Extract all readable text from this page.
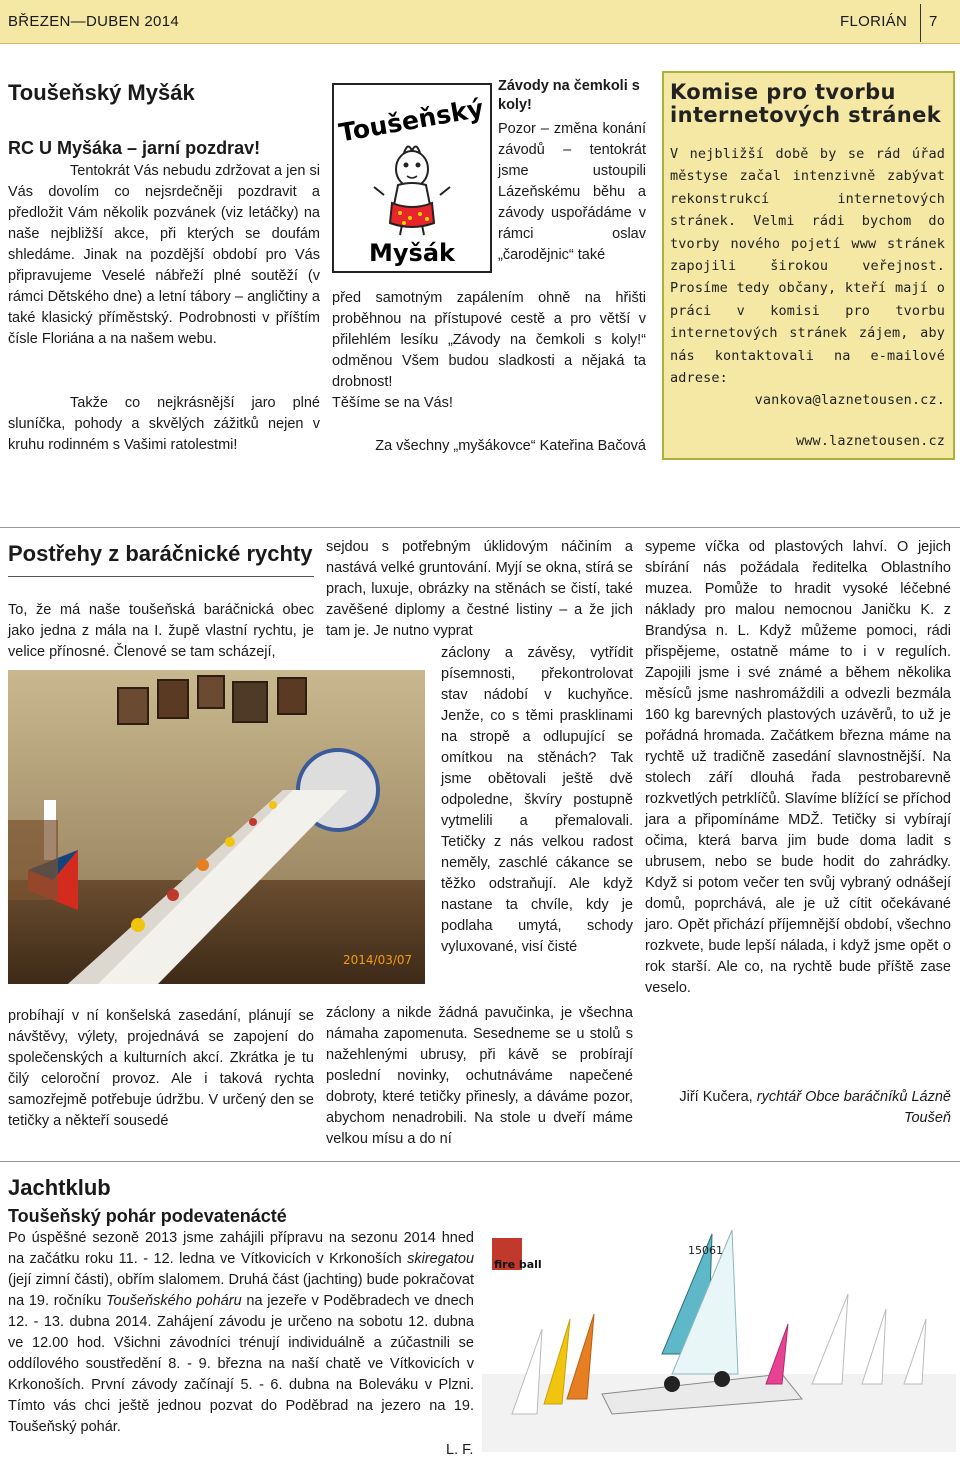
BŘEZEN—DUBEN 2014	FLORIÁN 7
Toušeňský Myšák
RC U Myšáka – jarní pozdrav!
Tentokrát Vás nebudu zdržovat a jen si Vás dovolím co nejsrdečněji pozdravit a předložit Vám několik pozvánek (viz letáčky) na naše nejbližší akce, při kterých se doufám shledáme. Jinak na pozdější období pro Vás připravujeme Veselé nábřeží plné soutěží (v rámci Dětského dne) a letní tábory – angličtiny a také klasický příměstský. Podrobnosti v příštím čísle Floriána a na našem webu.
Takže co nejkrásnější jaro plné sluníčka, pohody a skvělých zážitků nejen v kruhu rodinném s Vašimi ratolestmi!
Toušeňský
Myšák
Závody na čemkoli s koly!
Pozor – změna konání závodů – tentokrát jsme ustoupili Lázeňskému běhu a závody uspořádáme v rámci oslav „čarodějnic“ také
před samotným zapálením ohně na hřišti proběhnou na přístupové cestě a pro větší v přilehlém lesíku „Závody na čemkoli s koly!“ odměnou Všem budou sladkosti a nějaká ta drobnost!
Těšíme se na Vás!
Za všechny „myšákovce“ Kateřina Bačová
Komise pro tvorbu internetových stránek
V nejbližší době by se rád úřad městyse začal intenzivně zabývat rekonstrukcí internetových stránek. Velmi rádi bychom do tvorby nového pojetí www stránek zapojili širokou veřejnost. Prosíme tedy občany, kteří mají o práci v komisi pro tvorbu internetových stránek zájem, aby nás kontaktovali na e-mailové adrese:
vankova@laznetousen.cz.
www.laznetousen.cz
Postřehy z baráčnické rychty
To, že má naše toušeňská baráčnická obec jako jedna z mála na I. župě vlastní rychtu, je velice přínosné. Členové se tam scházejí,
2014/03/07
probíhají v ní konšelská zasedání, plánují se návštěvy, výlety, projednává se zapojení do společenských a kulturních akcí. Zkrátka je tu čilý celoroční provoz. Ale i taková rychta samozřejmě potřebuje údržbu. V určený den se tetičky a někteří sousedé
sejdou s potřebným úklidovým náčiním a nastává velké gruntování. Myjí se okna, stírá se prach, luxuje, obrázky na stěnách se čistí, také zavěšené diplomy a čestné listiny – a že jich tam je. Je nutno vyprat
záclony a závěsy, vytřídit písemnosti, překontrolovat stav nádobí v kuchyňce. Jenže, co s těmi prasklinami na stropě a odlupující se omítkou na stěnách? Tak jsme obětovali ještě dvě odpoledne, škvíry postupně vytmelili a přemalovali. Tetičky z nás velkou radost neměly, zaschlé cákance se těžko odstraňují. Ale když nastane ta chvíle, kdy je podlaha umytá, schody vyluxované, visí čisté
záclony a nikde žádná pavučinka, je všechna námaha zapomenuta. Sesedneme se u stolů s nažehlenými ubrusy, při kávě se probírají poslední novinky, ochutnáváme napečené dobroty, které tetičky přinesly, a dáváme pozor, abychom nenadrobili. Na stole u dveří máme velkou mísu a do ní
sypeme víčka od plastových lahví. O jejich sbírání nás požádala ředitelka Oblastního muzea. Pomůže to hradit vysoké léčebné náklady pro malou nemocnou Janičku K. z Brandýsa n. L. Když můžeme pomoci, rádi přispějeme, ostatně máme to i v regulích. Zapojili jsme i své známé a během několika měsíců jsme nashromáždili a odvezli bezmála 160 kg barevných plastových uzávěrů, to už je pořádná hromada. Začátkem března máme na rychtě už tradičně zasedání slavnostnější. Na stolech září dlouhá řada pestrobarevně rozkvetlých petrklíčů. Slavíme blížící se příchod jara a připomínáme MDŽ. Tetičky si vybírají očima, která barva jim bude doma ladit s ubrusem, nebo se bude hodit do zahrádky. Když si potom večer ten svůj vybraný odnášejí domů, poprchává, ale je už cítit očekávané jaro. Opět přichází příjemnější období, všechno rozkvete, bude lepší nálada, i když jsme opět o rok starší. Ale co, na rychtě bude příště zase veselo.
Jiří Kučera, rychtář Obce baráčníků Lázně Toušeň
Jachtklub
Toušeňský pohár podevatenácté
Po úspěšné sezoně 2013 jsme zahájili přípravu na sezonu 2014 hned na začátku roku 11. - 12. ledna ve Vítkovicích v Krkonoších skiregatou (její zimní části), obřím slalomem. Druhá část (jachting) bude pokračovat na 19. ročníku Toušeňského poháru na jezeře v Poděbradech ve dnech 12. - 13. dubna 2014. Zahájení závodu je určeno na sobotu 12. dubna ve 12.00 hod. Všichni závodníci trénují individuálně a zúčastnili se oddílového soustředění 8. - 9. března na naší chatě ve Vítkovicích v Krkonoších. První závody začínají 5. - 6. dubna na Boleváku v Plzni. Tímto vás chci ještě jednou pozvat do Poděbrad na jezero na 19. Toušeňský pohár.
L. F.
fire ball
15061
